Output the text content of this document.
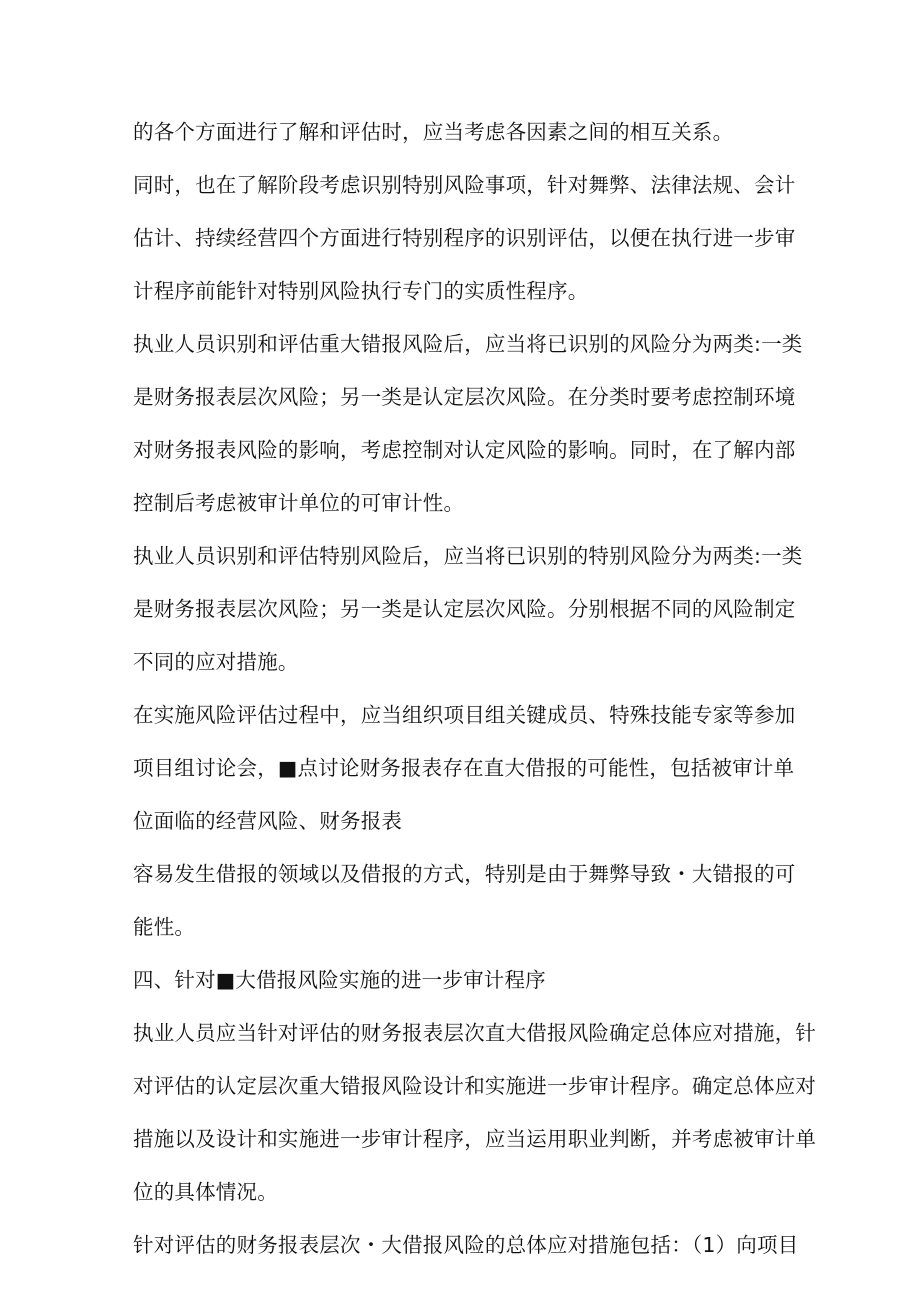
的各个方面进行了解和评估时，应当考虑各因素之间的相互关系。
同时，也在了解阶段考虑识别特别风险事项，针对舞弊、法律法规、会计
估计、持续经营四个方面进行特别程序的识别评估，以便在执行进一步审
计程序前能针对特别风险执行专门的实质性程序。
执业人员识别和评估重大错报风险后，应当将已识别的风险分为两类:一类
是财务报表层次风险；另一类是认定层次风险。在分类时要考虑控制环境
对财务报表风险的影响，考虑控制对认定风险的影响。同时，在了解内部
控制后考虑被审计单位的可审计性。
执业人员识别和评估特别风险后，应当将已识别的特别风险分为两类:一类
是财务报表层次风险；另一类是认定层次风险。分别根据不同的风险制定
不同的应对措施。
在实施风险评估过程中，应当组织项目组关键成员、特殊技能专家等参加
项目组讨论会，■点讨论财务报表存在直大借报的可能性，包括被审计单
位面临的经营风险、财务报表
容易发生借报的领域以及借报的方式，特别是由于舞弊导致・大错报的可
能性。
四、针对■大借报风险实施的进一步审计程序
执业人员应当针对评估的财务报表层次直大借报风险确定总体应对措施，针
对评估的认定层次重大错报风险设计和实施进一步审计程序。确定总体应对
措施以及设计和实施进一步审计程序，应当运用职业判断，并考虑被审计单
位的具体情况。
针对评估的财务报表层次・大借报风险的总体应对措施包括：（1）向项目
